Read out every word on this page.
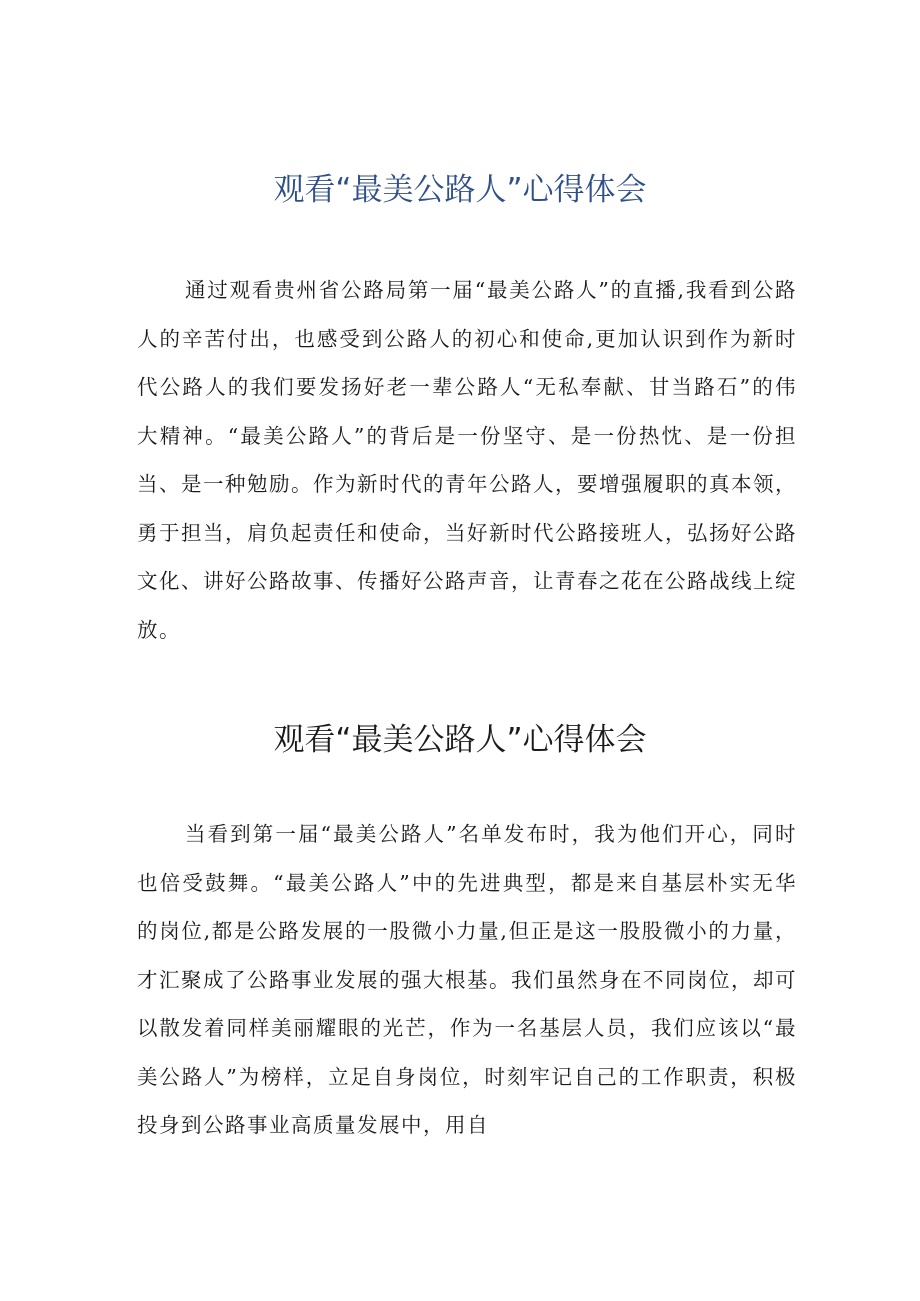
观看“最美公路人”心得体会

通过观看贵州省公路局第一届“最美公路人”的直播,我看到公路人的辛苦付出，也感受到公路人的初心和使命,更加认识到作为新时代公路人的我们要发扬好老一辈公路人“无私奉献、甘当路石”的伟大精神。“最美公路人”的背后是一份坚守、是一份热忱、是一份担当、是一种勉励。作为新时代的青年公路人，要增强履职的真本领，勇于担当，肩负起责任和使命，当好新时代公路接班人，弘扬好公路文化、讲好公路故事、传播好公路声音，让青春之花在公路战线上绽放。

观看“最美公路人”心得体会

当看到第一届“最美公路人”名单发布时，我为他们开心，同时也倍受鼓舞。“最美公路人”中的先进典型，都是来自基层朴实无华的岗位,都是公路发展的一股微小力量,但正是这一股股微小的力量，才汇聚成了公路事业发展的强大根基。我们虽然身在不同岗位，却可以散发着同样美丽耀眼的光芒，作为一名基层人员，我们应该以“最美公路人”为榜样，立足自身岗位，时刻牢记自己的工作职责，积极投身到公路事业高质量发展中，用自
